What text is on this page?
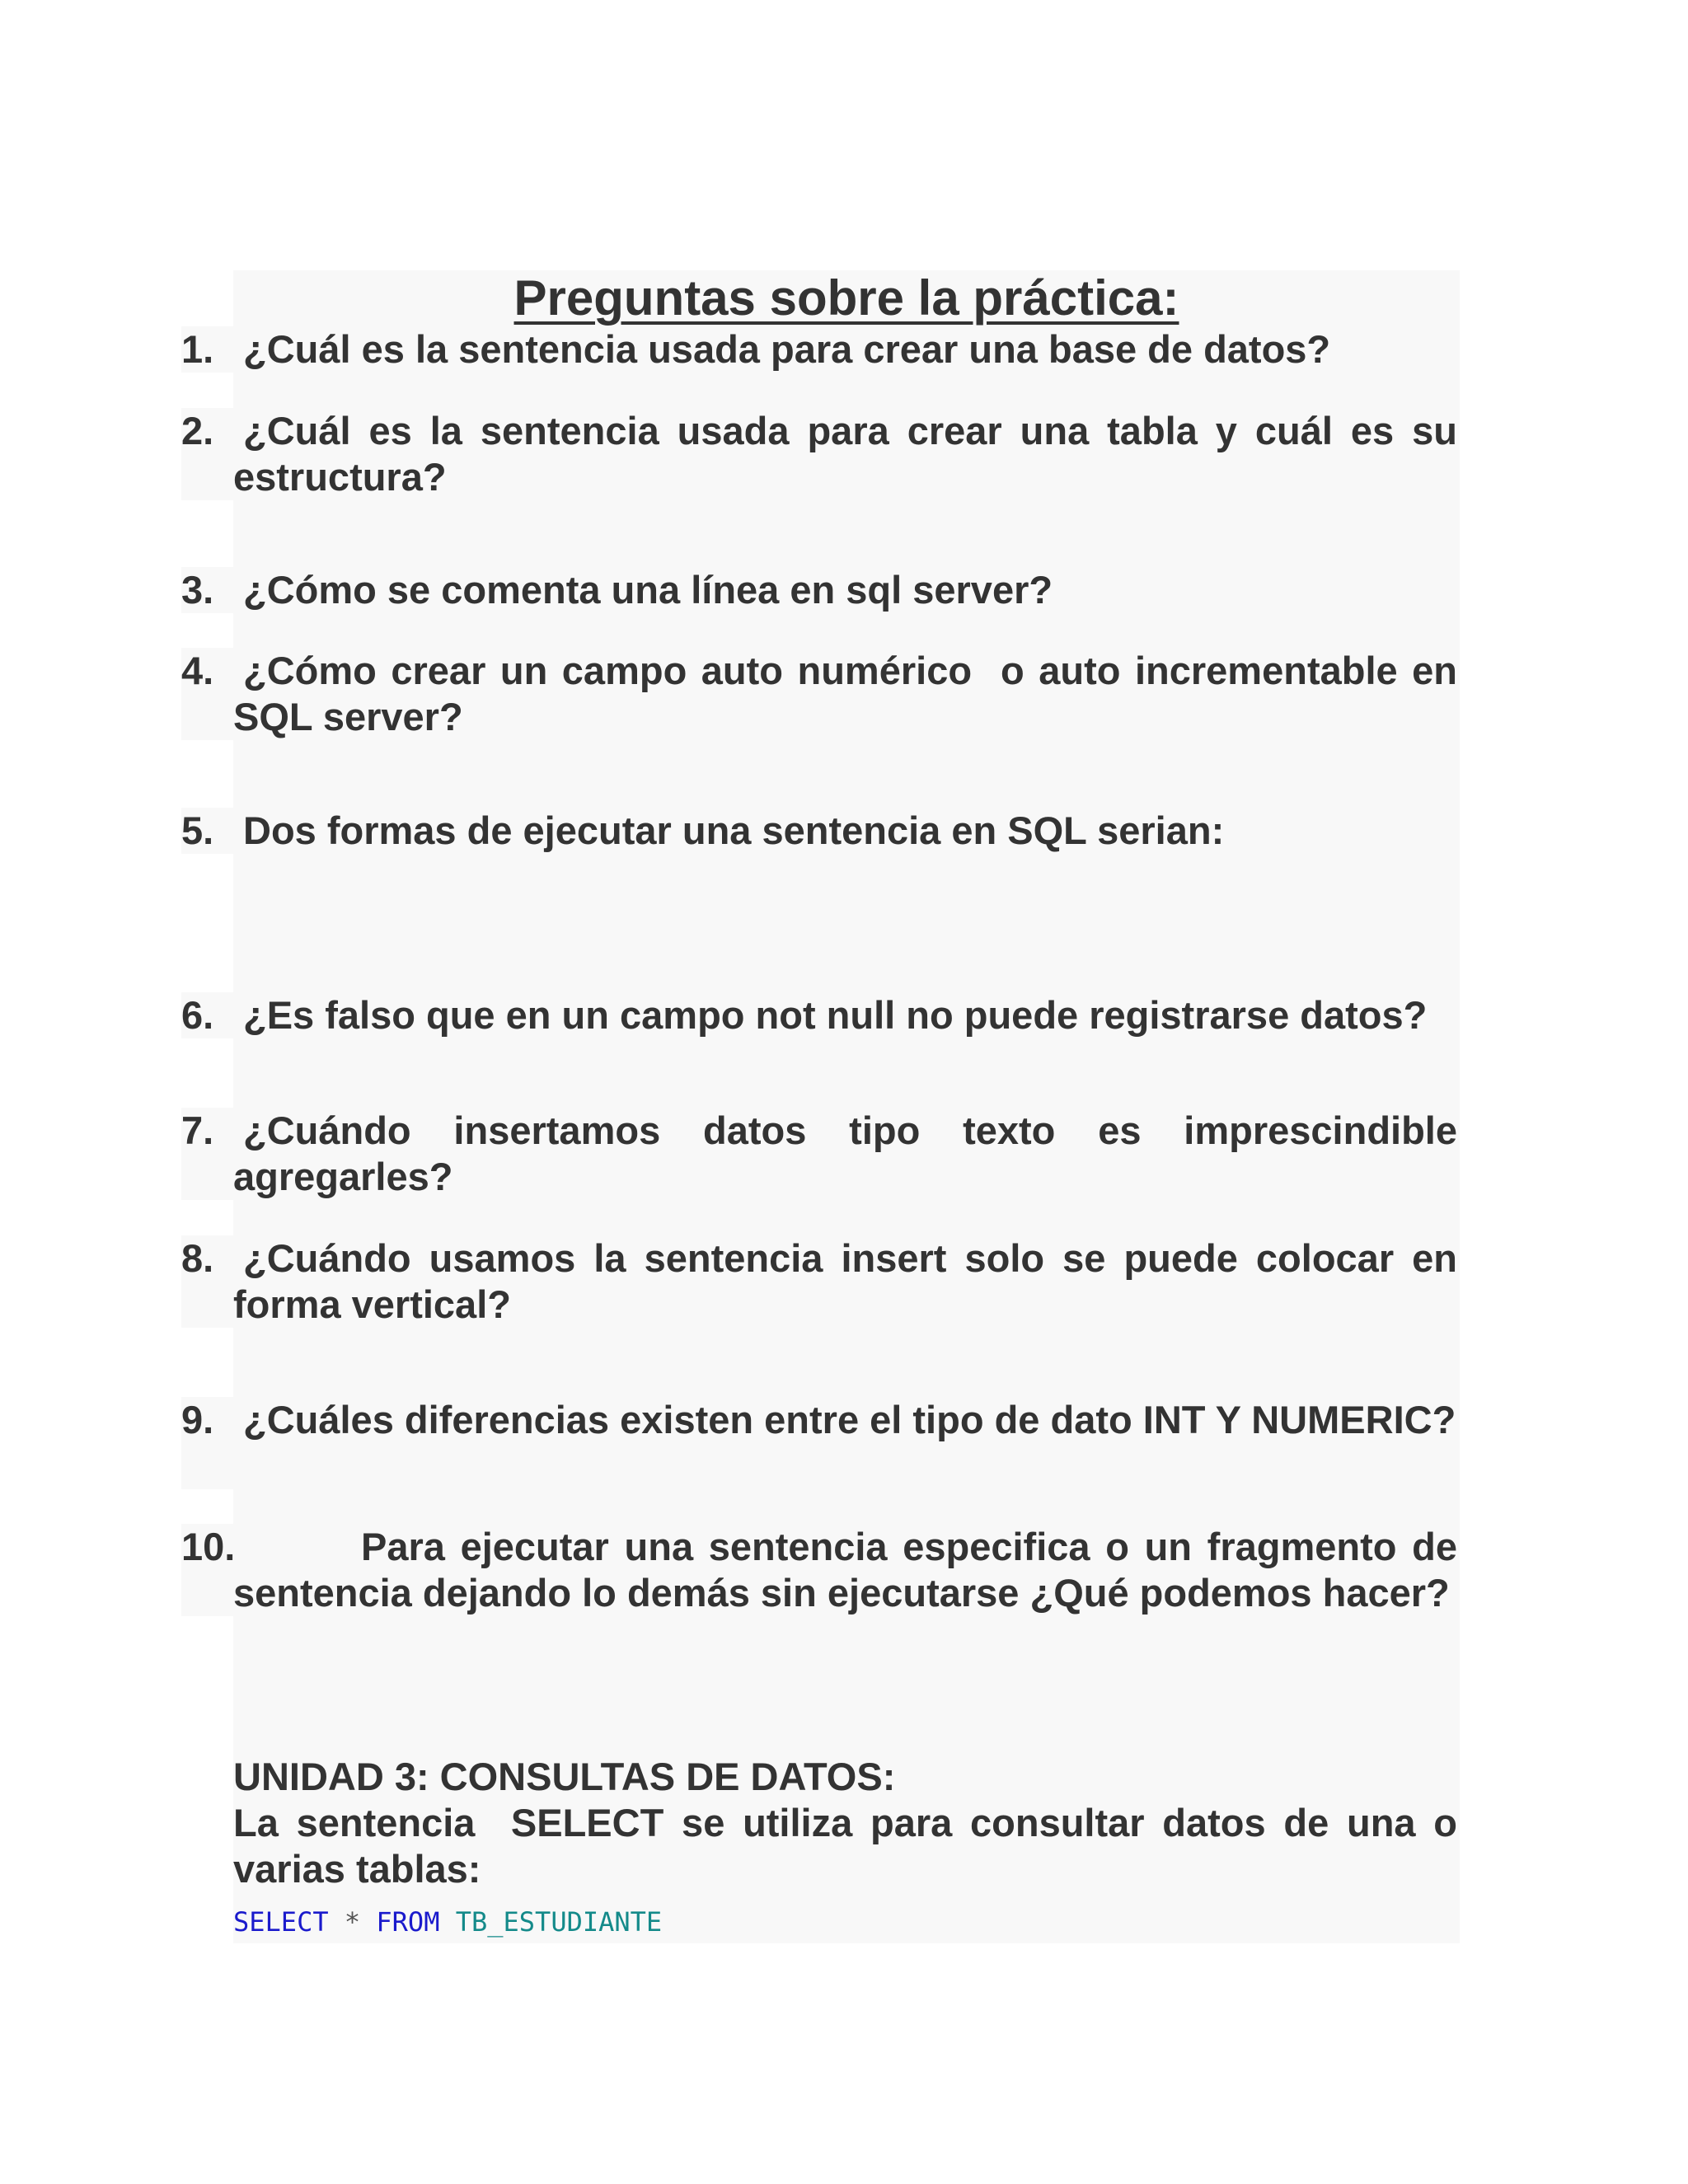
Preguntas sobre la práctica:
1. ¿Cuál es la sentencia usada para crear una base de datos?
2. ¿Cuál es la sentencia usada para crear una tabla y cuál es su estructura?
3. ¿Cómo se comenta una línea en sql server?
4. ¿Cómo crear un campo auto numérico  o auto incrementable en SQL server?
5. Dos formas de ejecutar una sentencia en SQL serian:
6. ¿Es falso que en un campo not null no puede registrarse datos?
7. ¿Cuándo insertamos datos tipo texto es imprescindible agregarles?
8. ¿Cuándo usamos la sentencia insert solo se puede colocar en forma vertical?
9. ¿Cuáles diferencias existen entre el tipo de dato INT Y NUMERIC?
10.	Para ejecutar una sentencia especifica o un fragmento de sentencia dejando lo demás sin ejecutarse ¿Qué podemos hacer?
UNIDAD 3: CONSULTAS DE DATOS:
La sentencia  SELECT se utiliza para consultar datos de una o varias tablas:
SELECT * FROM TB_ESTUDIANTE
